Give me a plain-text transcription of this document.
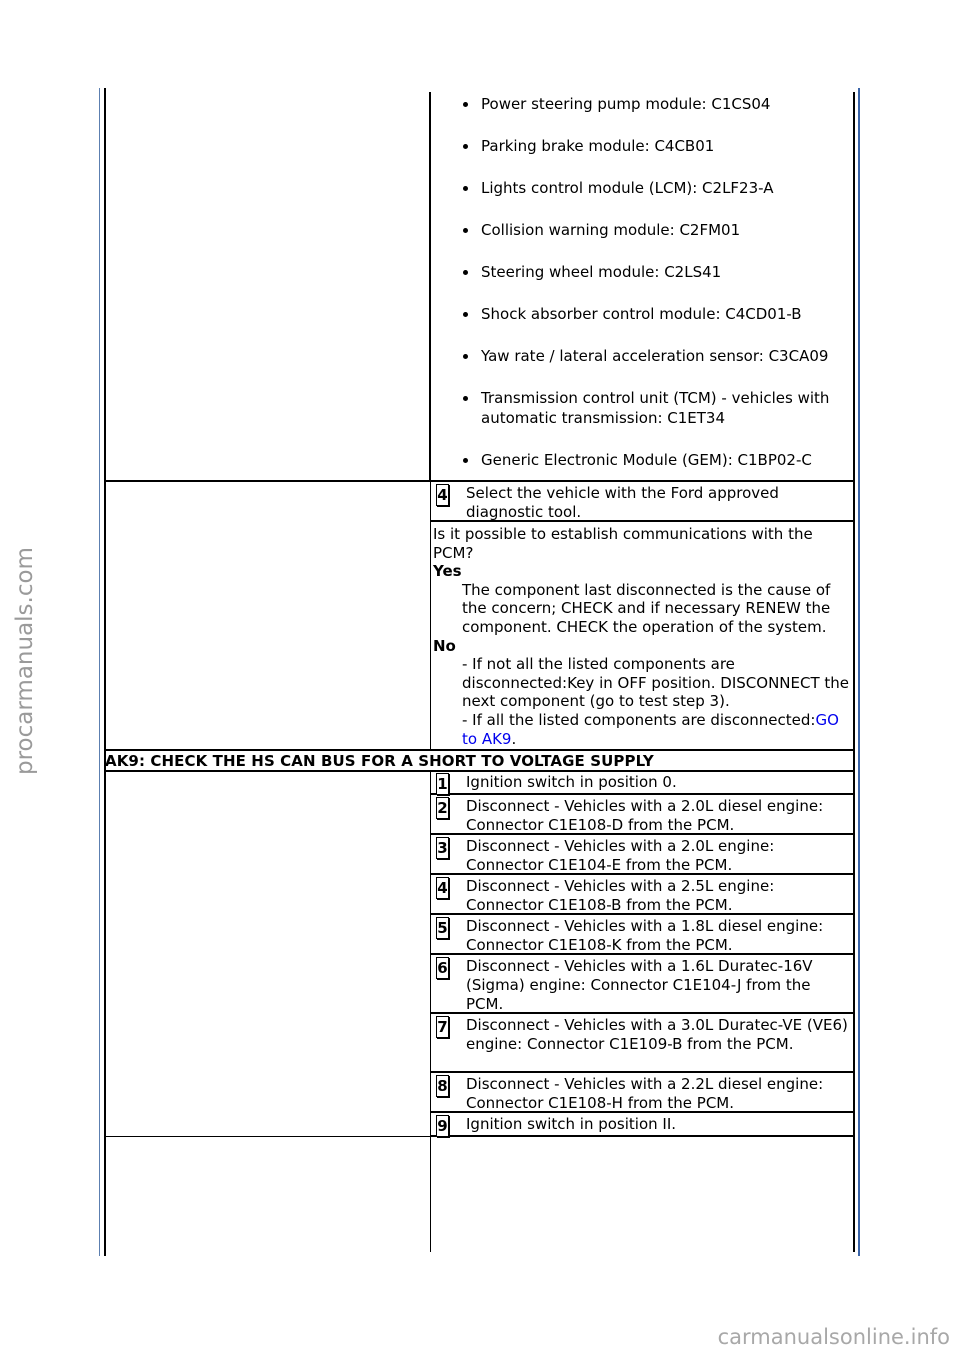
procarmanuals.com
carmanualsonline.info
Power steering pump module: C1CS04
Parking brake module: C4CB01
Lights control module (LCM): C2LF23-A
Collision warning module: C2FM01
Steering wheel module: C2LS41
Shock absorber control module: C4CD01-B
Yaw rate / lateral acceleration sensor: C3CA09
Transmission control unit (TCM) - vehicles with automatic transmission: C1ET34
Generic Electronic Module (GEM): C1BP02-C
4 Select the vehicle with the Ford approved diagnostic tool.
Is it possible to establish communications with the PCM?
Yes
The component last disconnected is the cause of the concern; CHECK and if necessary RENEW the component. CHECK the operation of the system.
No
- If not all the listed components are disconnected:Key in OFF position. DISCONNECT the next component (go to test step 3).
- If all the listed components are disconnected:GO to AK9.
AK9: CHECK THE HS CAN BUS FOR A SHORT TO VOLTAGE SUPPLY
1 Ignition switch in position 0.
2 Disconnect - Vehicles with a 2.0L diesel engine: Connector C1E108-D from the PCM.
3 Disconnect - Vehicles with a 2.0L engine: Connector C1E104-E from the PCM.
4 Disconnect - Vehicles with a 2.5L engine: Connector C1E108-B from the PCM.
5 Disconnect - Vehicles with a 1.8L diesel engine: Connector C1E108-K from the PCM.
6 Disconnect - Vehicles with a 1.6L Duratec-16V (Sigma) engine: Connector C1E104-J from the PCM.
7 Disconnect - Vehicles with a 3.0L Duratec-VE (VE6) engine: Connector C1E109-B from the PCM.
8 Disconnect - Vehicles with a 2.2L diesel engine: Connector C1E108-H from the PCM.
9 Ignition switch in position II.
